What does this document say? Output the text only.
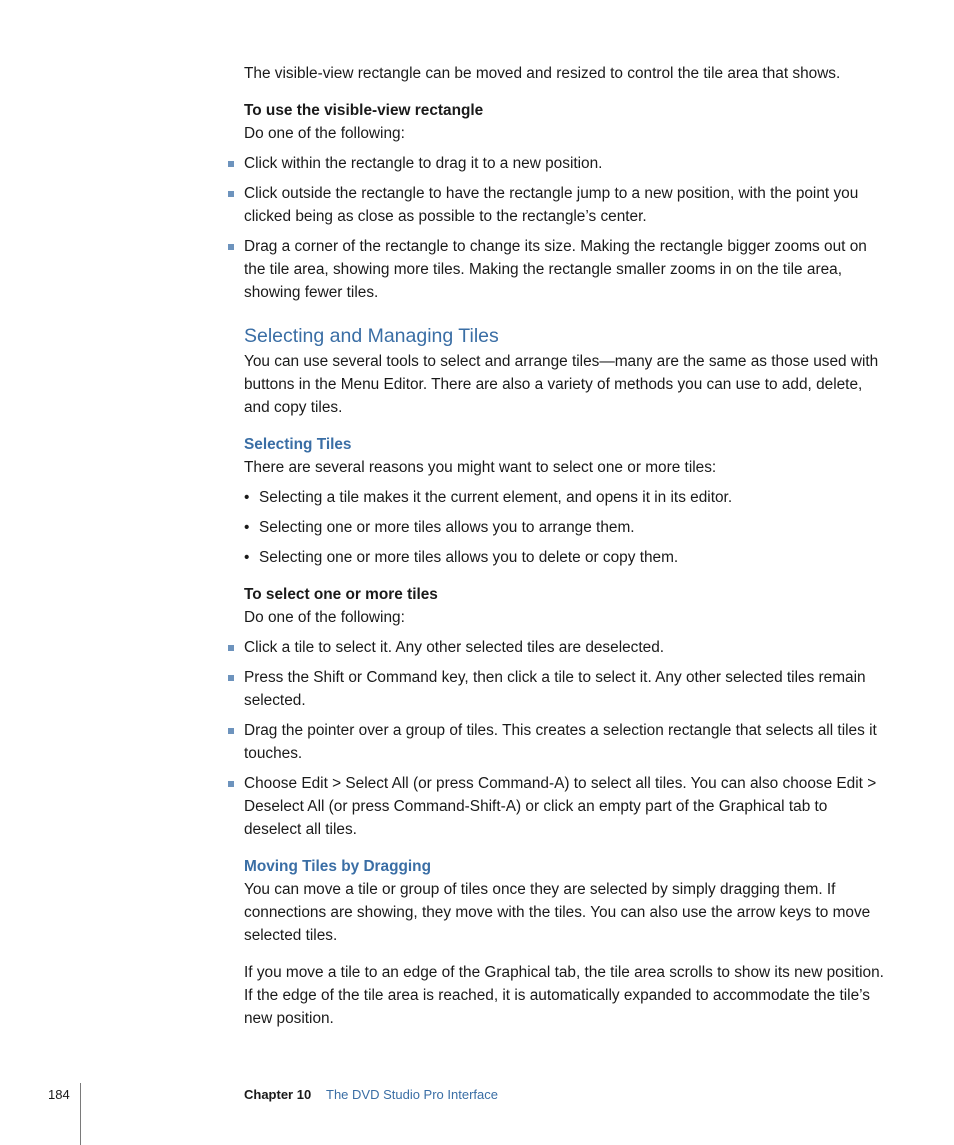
The visible-view rectangle can be moved and resized to control the tile area that shows.

To use the visible-view rectangle

Do one of the following:

Click within the rectangle to drag it to a new position.
Click outside the rectangle to have the rectangle jump to a new position, with the point you clicked being as close as possible to the rectangle’s center.
Drag a corner of the rectangle to change its size. Making the rectangle bigger zooms out on the tile area, showing more tiles. Making the rectangle smaller zooms in on the tile area, showing fewer tiles.

Selecting and Managing Tiles

You can use several tools to select and arrange tiles—many are the same as those used with buttons in the Menu Editor. There are also a variety of methods you can use to add, delete, and copy tiles.

Selecting Tiles

There are several reasons you might want to select one or more tiles:

• Selecting a tile makes it the current element, and opens it in its editor.
• Selecting one or more tiles allows you to arrange them.
• Selecting one or more tiles allows you to delete or copy them.

To select one or more tiles

Do one of the following:

Click a tile to select it. Any other selected tiles are deselected.
Press the Shift or Command key, then click a tile to select it. Any other selected tiles remain selected.
Drag the pointer over a group of tiles. This creates a selection rectangle that selects all tiles it touches.
Choose Edit > Select All (or press Command-A) to select all tiles. You can also choose Edit > Deselect All (or press Command-Shift-A) or click an empty part of the Graphical tab to deselect all tiles.

Moving Tiles by Dragging

You can move a tile or group of tiles once they are selected by simply dragging them. If connections are showing, they move with the tiles. You can also use the arrow keys to move selected tiles.

If you move a tile to an edge of the Graphical tab, the tile area scrolls to show its new position. If the edge of the tile area is reached, it is automatically expanded to accommodate the tile’s new position.

184	Chapter 10 The DVD Studio Pro Interface
